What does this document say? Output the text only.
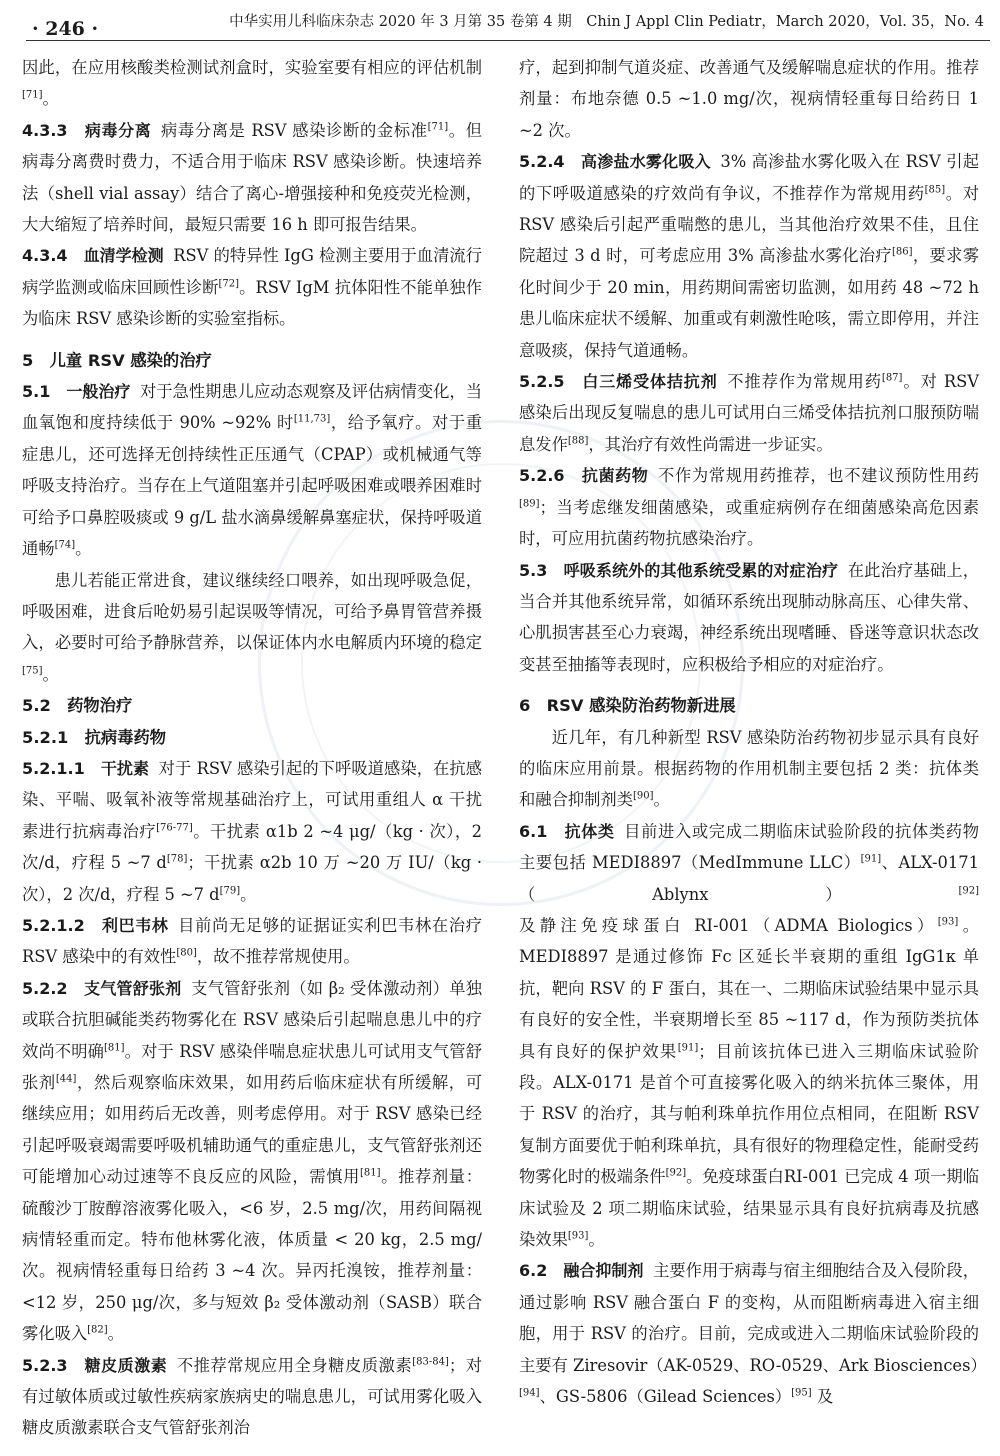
· 246 ·	中华实用儿科临床杂志 2020 年 3 月第 35 卷第 4 期　Chin J Appl Clin Pediatr，March 2020，Vol. 35，No. 4

因此，在应用核酸类检测试剂盒时，实验室要有相应的评估机制[71]。

4.3.3　病毒分离 病毒分离是 RSV 感染诊断的金标准[71]。但病毒分离费时费力，不适合用于临床 RSV 感染诊断。快速培养法（shell vial assay）结合了离心-增强接种和免疫荧光检测，大大缩短了培养时间，最短只需要 16 h 即可报告结果。

4.3.4　血清学检测 RSV 的特异性 IgG 检测主要用于血清流行病学监测或临床回顾性诊断[72]。RSV IgM 抗体阳性不能单独作为临床 RSV 感染诊断的实验室指标。

5　儿童 RSV 感染的治疗

5.1　一般治疗 对于急性期患儿应动态观察及评估病情变化，当血氧饱和度持续低于 90% ~92% 时[11,73]，给予氧疗。对于重症患儿，还可选择无创持续性正压通气（CPAP）或机械通气等呼吸支持治疗。当存在上气道阻塞并引起呼吸困难或喂养困难时可给予口鼻腔吸痰或 9 g/L 盐水滴鼻缓解鼻塞症状，保持呼吸道通畅[74]。

患儿若能正常进食，建议继续经口喂养，如出现呼吸急促，呼吸困难，进食后呛奶易引起误吸等情况，可给予鼻胃管营养摄入，必要时可给予静脉营养，以保证体内水电解质内环境的稳定[75]。

5.2　药物治疗

5.2.1　抗病毒药物

5.2.1.1　干扰素 对于 RSV 感染引起的下呼吸道感染，在抗感染、平喘、吸氧补液等常规基础治疗上，可试用重组人 α 干扰素进行抗病毒治疗[76-77]。干扰素 α1b 2 ~4 μg/（kg · 次），2 次/d，疗程 5 ~7 d[78]；干扰素 α2b 10 万 ~20 万 IU/（kg · 次），2 次/d，疗程 5 ~7 d[79]。

5.2.1.2　利巴韦林 目前尚无足够的证据证实利巴韦林在治疗 RSV 感染中的有效性[80]，故不推荐常规使用。

5.2.2　支气管舒张剂 支气管舒张剂（如 β₂ 受体激动剂）单独或联合抗胆碱能类药物雾化在 RSV 感染后引起喘息患儿中的疗效尚不明确[81]。对于 RSV 感染伴喘息症状患儿可试用支气管舒张剂[44]，然后观察临床效果，如用药后临床症状有所缓解，可继续应用；如用药后无改善，则考虑停用。对于 RSV 感染已经引起呼吸衰竭需要呼吸机辅助通气的重症患儿，支气管舒张剂还可能增加心动过速等不良反应的风险，需慎用[81]。推荐剂量：硫酸沙丁胺醇溶液雾化吸入，<6 岁，2.5 mg/次，用药间隔视病情轻重而定。特布他林雾化液，体质量 < 20 kg，2.5 mg/次。视病情轻重每日给药 3 ~4 次。异丙托溴铵，推荐剂量：<12 岁，250 μg/次，多与短效 β₂ 受体激动剂（SASB）联合雾化吸入[82]。

5.2.3　糖皮质激素 不推荐常规应用全身糖皮质激素[83-84]；对有过敏体质或过敏性疾病家族病史的喘息患儿，可试用雾化吸入糖皮质激素联合支气管舒张剂治

疗，起到抑制气道炎症、改善通气及缓解喘息症状的作用。推荐剂量：布地奈德 0.5 ~1.0 mg/次，视病情轻重每日给药日 1 ~2 次。

5.2.4　高渗盐水雾化吸入 3% 高渗盐水雾化吸入在 RSV 引起的下呼吸道感染的疗效尚有争议，不推荐作为常规用药[85]。对 RSV 感染后引起严重喘憋的患儿，当其他治疗效果不佳，且住院超过 3 d 时，可考虑应用 3% 高渗盐水雾化治疗[86]，要求雾化时间少于 20 min，用药期间需密切监测，如用药 48 ~72 h 患儿临床症状不缓解、加重或有刺激性呛咳，需立即停用，并注意吸痰，保持气道通畅。

5.2.5　白三烯受体拮抗剂 不推荐作为常规用药[87]。对 RSV 感染后出现反复喘息的患儿可试用白三烯受体拮抗剂口服预防喘息发作[88]，其治疗有效性尚需进一步证实。

5.2.6　抗菌药物 不作为常规用药推荐，也不建议预防性用药[89]；当考虑继发细菌感染，或重症病例存在细菌感染高危因素时，可应用抗菌药物抗感染治疗。

5.3　呼吸系统外的其他系统受累的对症治疗 在此治疗基础上，当合并其他系统异常，如循环系统出现肺动脉高压、心律失常、心肌损害甚至心力衰竭，神经系统出现嗜睡、昏迷等意识状态改变甚至抽搐等表现时，应积极给予相应的对症治疗。

6　RSV 感染防治药物新进展

近几年，有几种新型 RSV 感染防治药物初步显示具有良好的临床应用前景。根据药物的作用机制主要包括 2 类：抗体类和融合抑制剂类[90]。

6.1　抗体类 目前进入或完成二期临床试验阶段的抗体类药物主要包括 MEDI8897（MedImmune LLC）[91]、ALX-0171（Ablynx）[92]及静注免疫球蛋白 RI-001（ADMA Biologics）[93]。MEDI8897 是通过修饰 Fc 区延长半衰期的重组 IgG1κ 单抗，靶向 RSV 的 F 蛋白，其在一、二期临床试验结果中显示具有良好的安全性，半衰期增长至 85 ~117 d，作为预防类抗体具有良好的保护效果[91]；目前该抗体已进入三期临床试验阶段。ALX-0171 是首个可直接雾化吸入的纳米抗体三聚体，用于 RSV 的治疗，其与帕利珠单抗作用位点相同，在阻断 RSV 复制方面要优于帕利珠单抗，具有很好的物理稳定性，能耐受药物雾化时的极端条件[92]。免疫球蛋白RI-001 已完成 4 项一期临床试验及 2 项二期临床试验，结果显示具有良好抗病毒及抗感染效果[93]。

6.2　融合抑制剂 主要作用于病毒与宿主细胞结合及入侵阶段，通过影响 RSV 融合蛋白 F 的变构，从而阻断病毒进入宿主细胞，用于 RSV 的治疗。目前，完成或进入二期临床试验阶段的主要有 Ziresovir（AK-0529、RO-0529、Ark Biosciences）[94]、GS-5806（Gilead Sciences）[95] 及
